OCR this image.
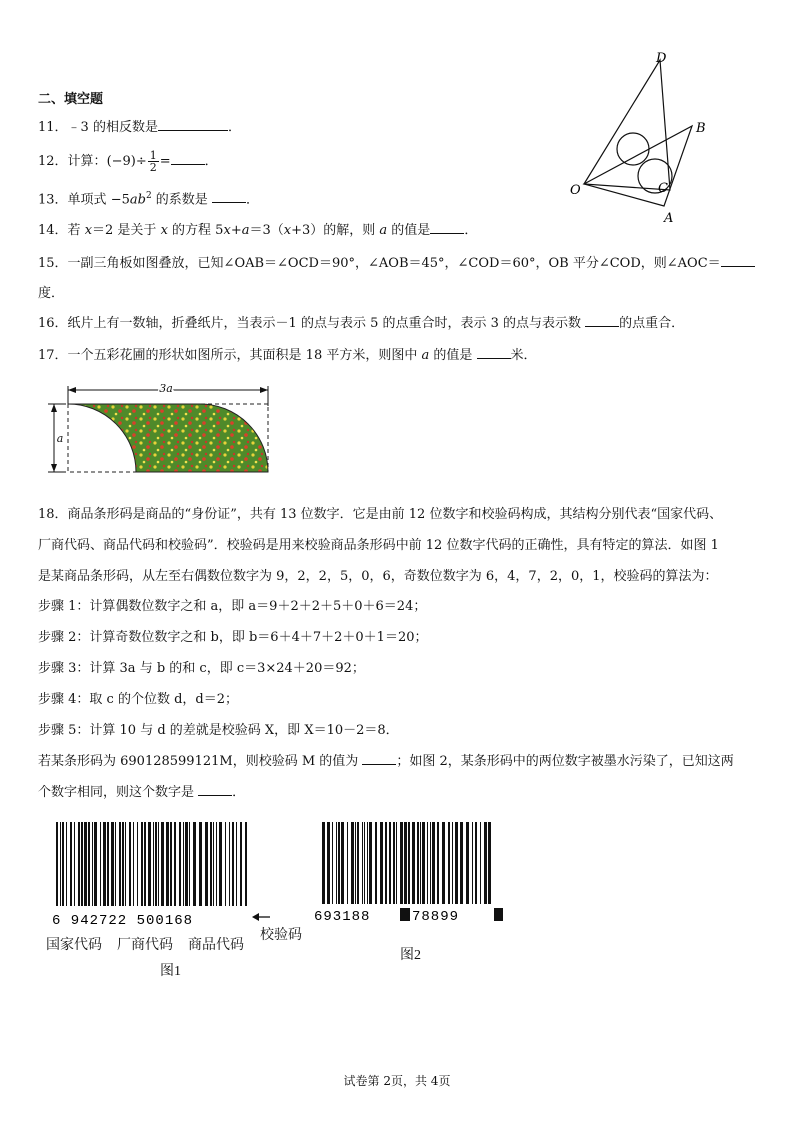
二、填空题
11．﹣3 的相反数是	．
12．计算：$(-9)\div \frac{1}{2}$ =	．
13．单项式 $-5ab^2$ 的系数是	．
14．若 x＝2 是关于 x 的方程 5x+a＝3（x+3）的解，则 a 的值是	．
15．一副三角板如图叠放，已知∠OAB＝∠OCD＝90°，∠AOB＝45°，∠COD＝60°，OB 平分∠COD，则∠AOC＝
度．
16．纸片上有一数轴，折叠纸片，当表示－1 的点与表示 5 的点重合时，表示 3 的点与表示数	的点重合．
17．一个五彩花圃的形状如图所示，其面积是 18 平方米，则图中 a 的值是	米．
3a
a
18．商品条形码是商品的“身份证”，共有 13 位数字．它是由前 12 位数字和校验码构成，其结构分别代表“国家代码、
厂商代码、商品代码和校验码”．校验码是用来校验商品条形码中前 12 位数字代码的正确性，具有特定的算法．如图 1
是某商品条形码，从左至右偶数位数字为 9，2，2，5，0，6，奇数位数字为 6，4，7，2，0，1，校验码的算法为：
步骤 1：计算偶数位数字之和 a，即 a＝9＋2＋2＋5＋0＋6＝24；
步骤 2：计算奇数位数字之和 b，即 b＝6＋4＋7＋2＋0＋1＝20；
步骤 3：计算 3a 与 b 的和 c，即 c＝3×24＋20＝92；
步骤 4：取 c 的个位数 d，d＝2；
步骤 5：计算 10 与 d 的差就是校验码 X，即 X＝10－2＝8．
若某条形码为 690128599121M，则校验码 M 的值为	；如图 2，某条形码中的两位数字被墨水污染了，已知这两
个数字相同，则这个数字是	．
D
B
O	C
A
6 942722 500168
国家代码 厂商代码 商品代码
校验码
图1
693188	78899
图2
试卷第 2页，共 4页
